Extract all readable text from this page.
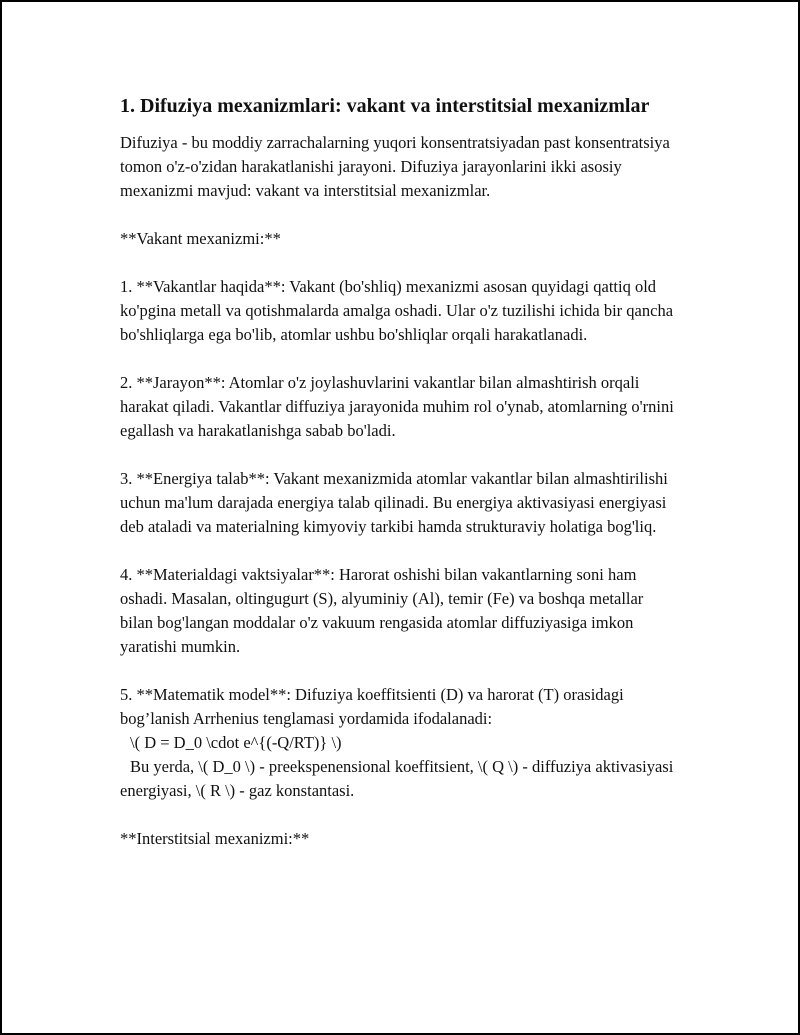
1. Difuziya mexanizmlari: vakant va interstitsial mexanizmlar

Difuziya - bu moddiy zarrachalarning yuqori konsentratsiyadan past konsentratsiya tomon o'z-o'zidan harakatlanishi jarayoni. Difuziya jarayonlarini ikki asosiy mexanizmi mavjud: vakant va interstitsial mexanizmlar.

**Vakant mexanizmi:**

1. **Vakantlar haqida**: Vakant (bo'shliq) mexanizmi asosan quyidagi qattiq old ko'pgina metall va qotishmalarda amalga oshadi. Ular o'z tuzilishi ichida bir qancha bo'shliqlarga ega bo'lib, atomlar ushbu bo'shliqlar orqali harakatlanadi.

2. **Jarayon**: Atomlar o'z joylashuvlarini vakantlar bilan almashtirish orqali harakat qiladi. Vakantlar diffuziya jarayonida muhim rol o'ynab, atomlarning o'rnini egallash va harakatlanishga sabab bo'ladi.

3. **Energiya talab**: Vakant mexanizmida atomlar vakantlar bilan almashtirilishi uchun ma'lum darajada energiya talab qilinadi. Bu energiya aktivasiyasi energiyasi deb ataladi va materialning kimyoviy tarkibi hamda strukturaviy holatiga bog'liq.

4. **Materialdagi vaktsiyalar**: Harorat oshishi bilan vakantlarning soni ham oshadi. Masalan, oltingugurt (S), alyuminiy (Al), temir (Fe) va boshqa metallar bilan bog'langan moddalar o'z vakuum rengasida atomlar diffuziyasiga imkon yaratishi mumkin.

5. **Matematik model**: Difuziya koeffitsienti (D) va harorat (T) orasidagi bog’lanish Arrhenius tenglamasi yordamida ifodalanadi:

\( D = D_0 \cdot e^{(-Q/RT)} \)

Bu yerda, \( D_0 \) - preekspenensional koeffitsient, \( Q \) - diffuziya aktivasiyasi energiyasi, \( R \) - gaz konstantasi.

**Interstitsial mexanizmi:**
